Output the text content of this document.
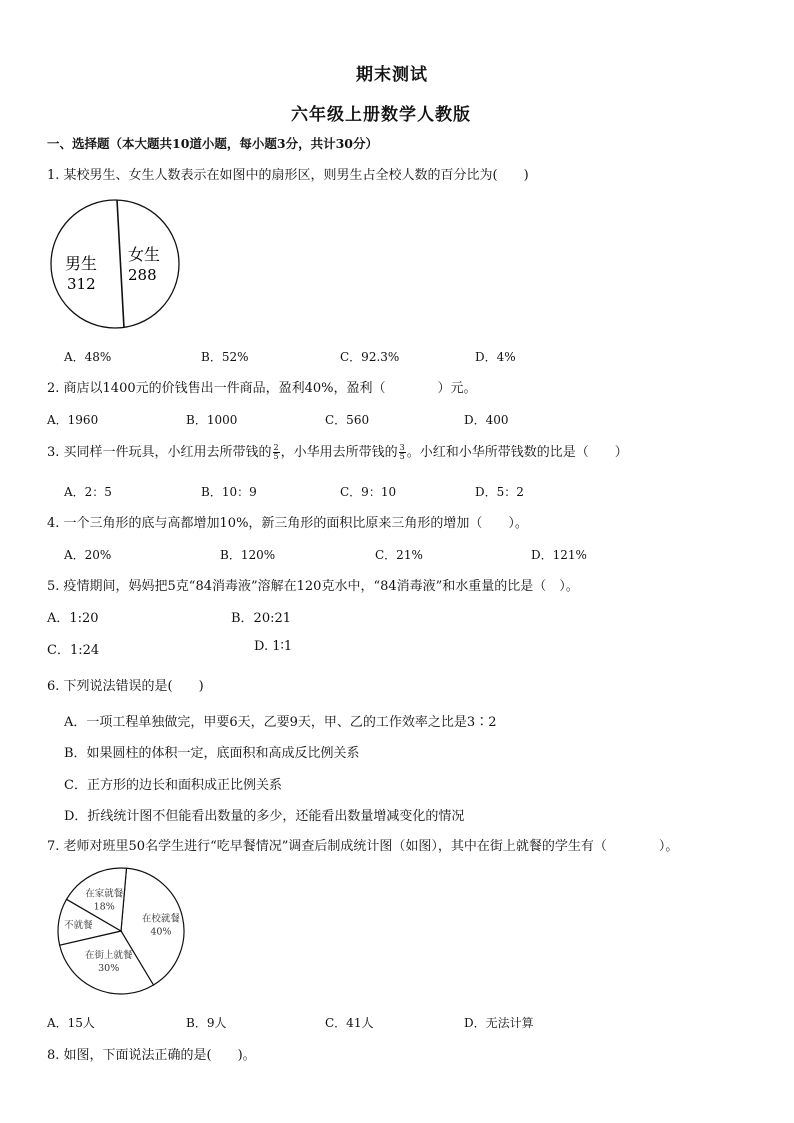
期末测试
六年级上册数学人教版
一、选择题（本大题共10道小题，每小题3分，共计30分）
1. 某校男生、女生人数表示在如图中的扇形区，则男生占全校人数的百分比为(　　)
男生
312
女生
288
A．48%	B．52%	C．92.3%	D．4%
2. 商店以1400元的价钱售出一件商品，盈利40%，盈利（　　　　）元。
A．1960	B．1000	C．560	D．400
3. 买同样一件玩具，小红用去所带钱的 $\frac{2}{5}$ ，小华用去所带钱的 $\frac{3}{5}$ 。小红和小华所带钱数的比是（　　）
A．2：5	B．10：9	C．9：10	D．5：2
4. 一个三角形的底与高都增加10%，新三角形的面积比原来三角形的增加（　　）。
A．20%	B．120%	C．21%	D．121%
5. 疫情期间，妈妈把5克“84消毒液”溶解在120克水中，“84消毒液”和水重量的比是（　）。
A．1:20	B．20:21
C．1:24	D. 1∶1
6. 下列说法错误的是(　　)
A．一项工程单独做完，甲要6天，乙要9天，甲、乙的工作效率之比是3∶2
B．如果圆柱的体积一定，底面积和高成反比例关系
C．正方形的边长和面积成正比例关系
D．折线统计图不但能看出数量的多少，还能看出数量增减变化的情况
7. 老师对班里50名学生进行“吃早餐情况”调查后制成统计图（如图），其中在街上就餐的学生有（　　　　）。
在校就餐
40%
在街上就餐
30%
不就餐
在家就餐
18%
A．15人	B．9人	C．41人	D．无法计算
8. 如图，下面说法正确的是(　　)。
